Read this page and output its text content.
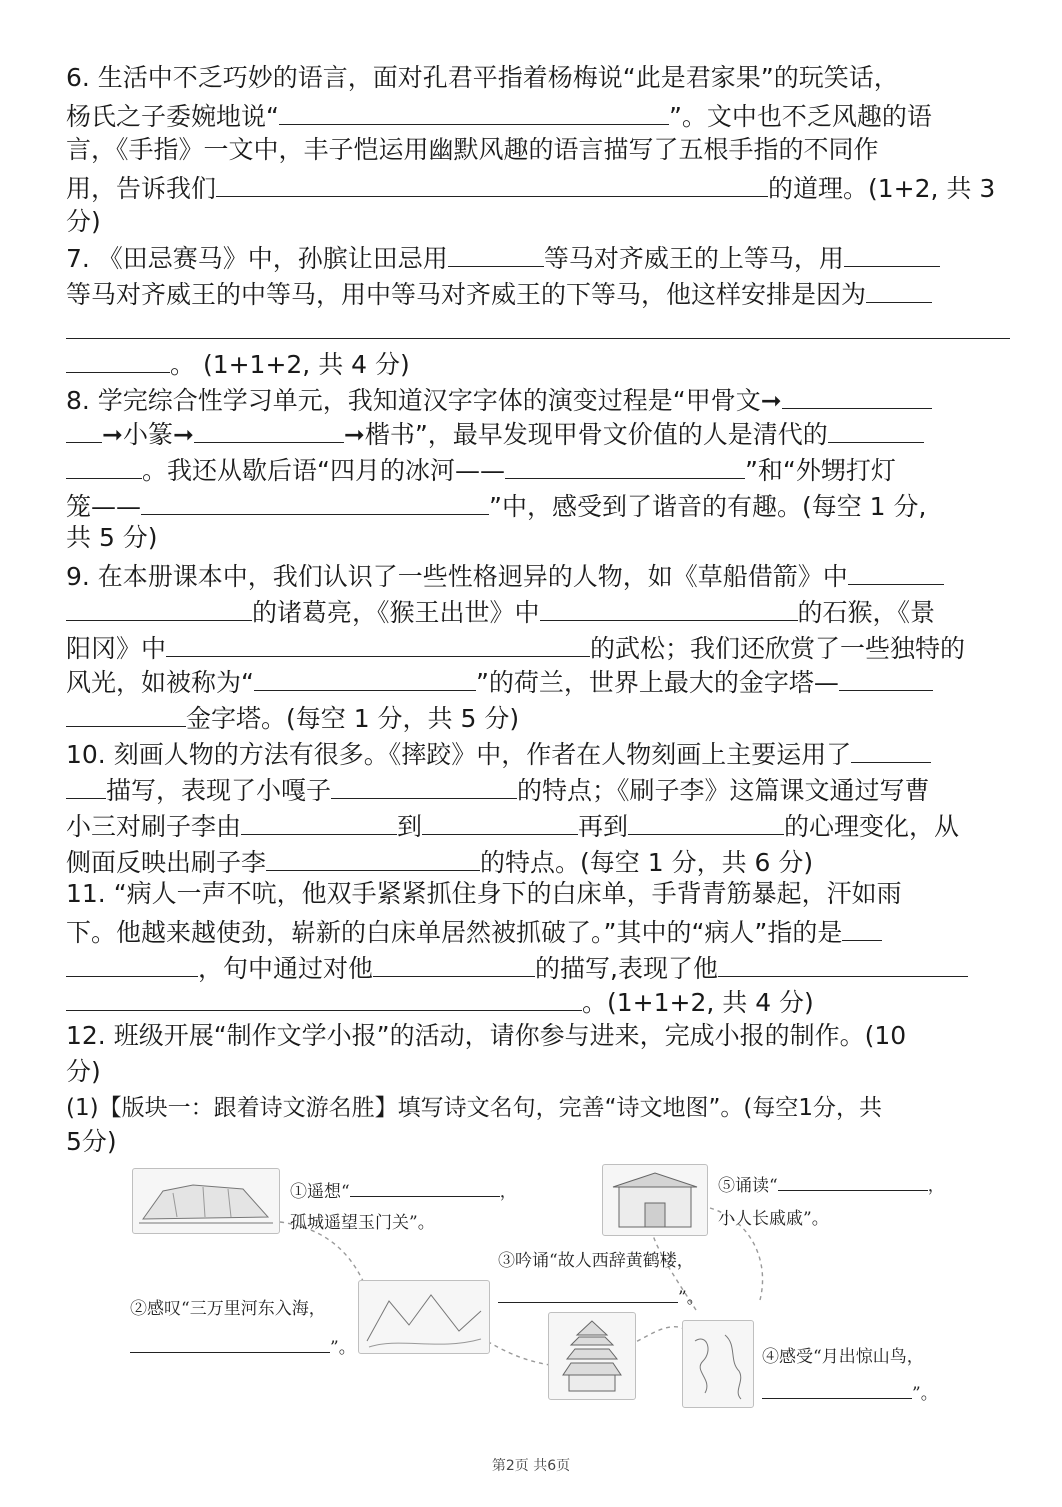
6. 生活中不乏巧妙的语言，面对孔君平指着杨梅说“此是君家果”的玩笑话，
杨氏之子委婉地说“	”。文中也不乏风趣的语
言，《手指》一文中，丰子恺运用幽默风趣的语言描写了五根手指的不同作
用，告诉我们	的道理。(1+2, 共 3
分)
7. 《田忌赛马》中，孙膑让田忌用	等马对齐威王的上等马，用
等马对齐威王的中等马，用中等马对齐威王的下等马，他这样安排是因为
。 (1+1+2, 共 4 分)
8. 学完综合性学习单元，我知道汉字字体的演变过程是“甲骨文➞
➞小篆➞	➞楷书”，最早发现甲骨文价值的人是清代的
。我还从歇后语“四月的冰河——	”和“外甥打灯
笼——	”中，感受到了谐音的有趣。(每空 1 分,
共 5 分)
9. 在本册课本中，我们认识了一些性格迥异的人物，如《草船借箭》中
的诸葛亮，《猴王出世》中	的石猴，《景
阳冈》中	的武松；我们还欣赏了一些独特的
风光，如被称为“	”的荷兰，世界上最大的金字塔—
金字塔。(每空 1 分，共 5 分)
10. 刻画人物的方法有很多。《摔跤》中，作者在人物刻画上主要运用了
描写，表现了小嘎子	的特点；《刷子李》这篇课文通过写曹
小三对刷子李由	到	再到	的心理变化，从
侧面反映出刷子李	的特点。(每空 1 分，共 6 分)
11. “病人一声不吭，他双手紧紧抓住身下的白床单，手背青筋暴起，汗如雨
下。他越来越使劲，崭新的白床单居然被抓破了。”其中的“病人”指的是
，句中通过对他	的描写,表现了他
。(1+1+2, 共 4 分)
12. 班级开展“制作文学小报”的活动，请你参与进来，完成小报的制作。(10
分)
(1)【版块一：跟着诗文游名胜】填写诗文名句，完善“诗文地图”。(每空1分，共
5分)
①遥想“	，
孤城遥望玉门关”。
②感叹“三万里河东入海，
”。
③吟诵“故人西辞黄鹤楼，
”。
④感受“月出惊山鸟，
”。
⑤诵读“	，
小人长戚戚”。
第2页 共6页
